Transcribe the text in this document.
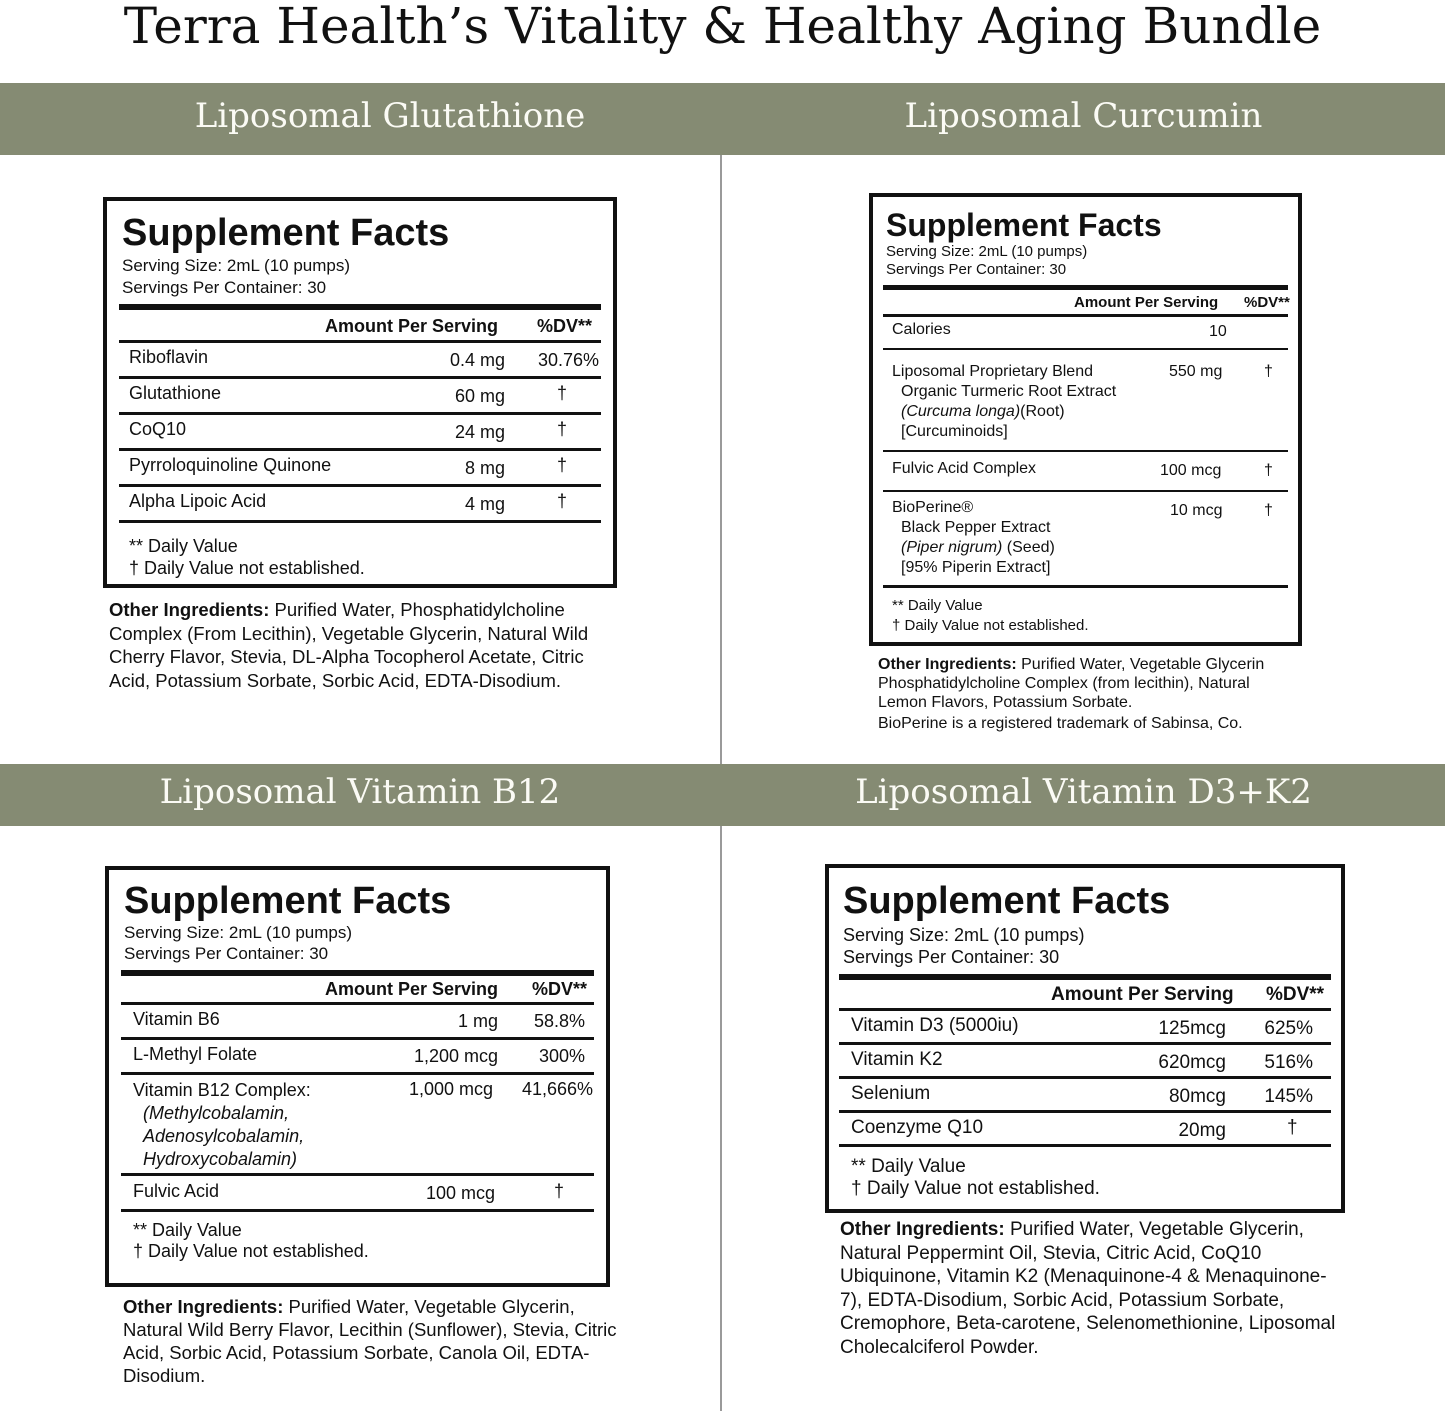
Terra Health’s Vitality & Healthy Aging Bundle
Liposomal Glutathione	Liposomal Curcumin
Liposomal Vitamin B12	Liposomal Vitamin D3+K2
Supplement Facts
Serving Size: 2mL (10 pumps)
Servings Per Container: 30
Amount Per Serving %DV**
Riboflavin	0.4 mg 30.76%
Glutathione	60 mg	†
CoQ10	24 mg	†
Pyrroloquinoline Quinone	8 mg	†
Alpha Lipoic Acid	4 mg	†
** Daily Value
† Daily Value not established.
Other Ingredients: Purified Water, Phosphatidylcholine Complex (From Lecithin), Vegetable Glycerin, Natural Wild Cherry Flavor, Stevia, DL-Alpha Tocopherol Acetate, Citric Acid, Potassium Sorbate, Sorbic Acid, EDTA-Disodium.
Supplement Facts
Serving Size: 2mL (10 pumps)
Servings Per Container: 30
Amount Per Serving %DV**
Calories	10
Liposomal Proprietary Blend
Organic Turmeric Root Extract
(Curcuma longa)(Root)
[Curcuminoids]
550 mg	†
Fulvic Acid Complex	100 mcg	†
BioPerine®
Black Pepper Extract
(Piper nigrum) (Seed)
[95% Piperin Extract]
10 mcg	†
** Daily Value
† Daily Value not established.
Other Ingredients: Purified Water, Vegetable Glycerin Phosphatidylcholine Complex (from lecithin), Natural Lemon Flavors, Potassium Sorbate.
BioPerine is a registered trademark of Sabinsa, Co.
Supplement Facts
Serving Size: 2mL (10 pumps)
Servings Per Container: 30
Amount Per Serving %DV**
Vitamin B6	1 mg 58.8%
L-Methyl Folate	1,200 mcg 300%
Vitamin B12 Complex:
(Methylcobalamin,
Adenosylcobalamin,
Hydroxycobalamin)
1,000 mcg 41,666%
Fulvic Acid	100 mcg	†
** Daily Value
† Daily Value not established.
Other Ingredients: Purified Water, Vegetable Glycerin, Natural Wild Berry Flavor, Lecithin (Sunflower), Stevia, Citric Acid, Sorbic Acid, Potassium Sorbate, Canola Oil, EDTA-Disodium.
Supplement Facts
Serving Size: 2mL (10 pumps)
Servings Per Container: 30
Amount Per Serving %DV**
Vitamin D3 (5000iu)	125mcg 625%
Vitamin K2	620mcg 516%
Selenium	80mcg 145%
Coenzyme Q10	20mg	†
** Daily Value
† Daily Value not established.
Other Ingredients: Purified Water, Vegetable Glycerin, Natural Peppermint Oil, Stevia, Citric Acid, CoQ10 Ubiquinone, Vitamin K2 (Menaquinone-4 & Menaquinone-7), EDTA-Disodium, Sorbic Acid, Potassium Sorbate, Cremophore, Beta-carotene, Selenomethionine, Liposomal Cholecalciferol Powder.
